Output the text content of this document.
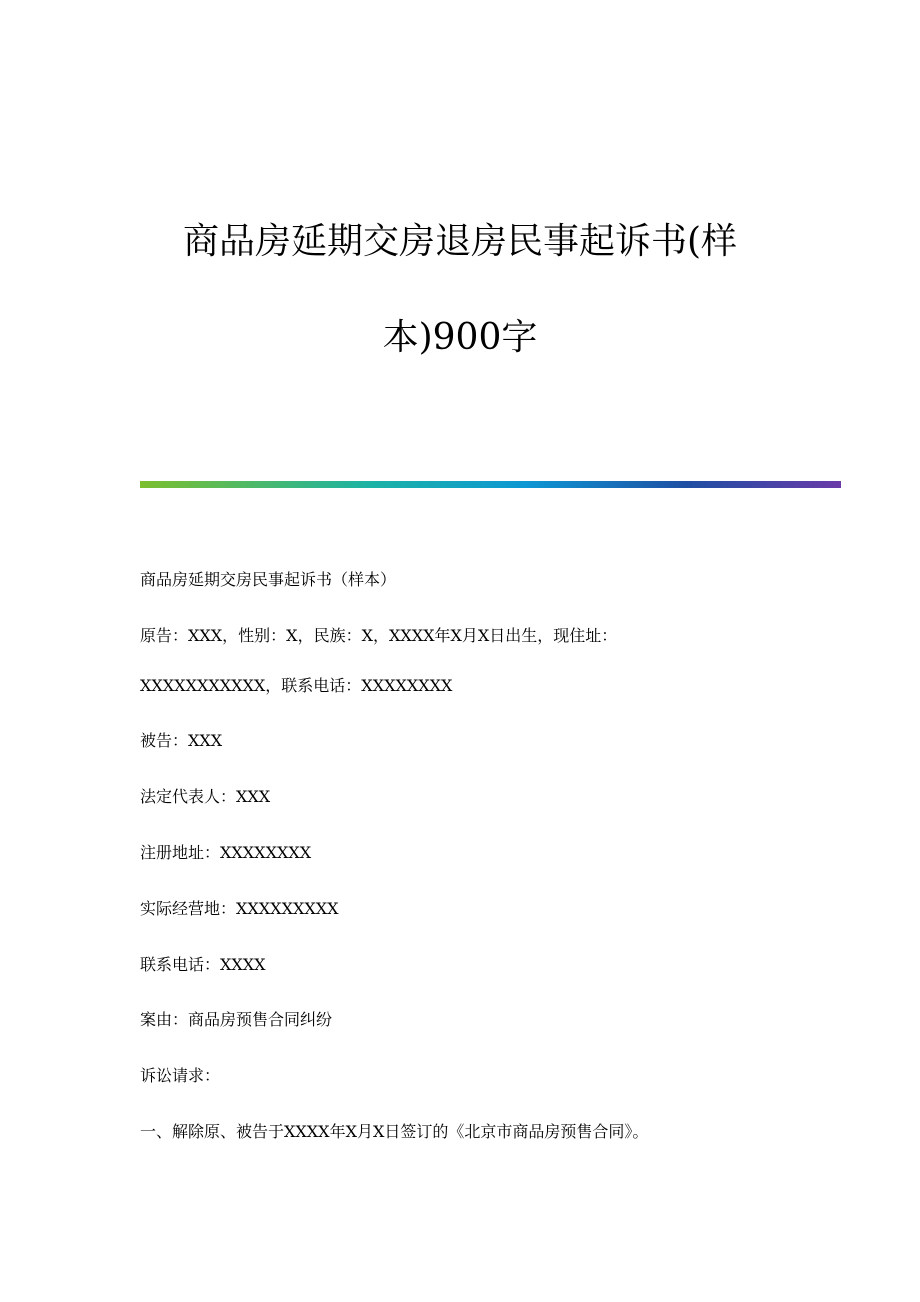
商品房延期交房退房民事起诉书(样
本)900字

商品房延期交房民事起诉书（样本）

原告：XXX，性别：X，民族：X，XXXX年X月X日出生，现住址：

XXXXXXXXXXX，联系电话：XXXXXXXX

被告：XXX

法定代表人：XXX

注册地址：XXXXXXXX

实际经营地：XXXXXXXXX

联系电话：XXXX

案由：商品房预售合同纠纷

诉讼请求：

一、解除原、被告于XXXX年X月X日签订的《北京市商品房预售合同》。
